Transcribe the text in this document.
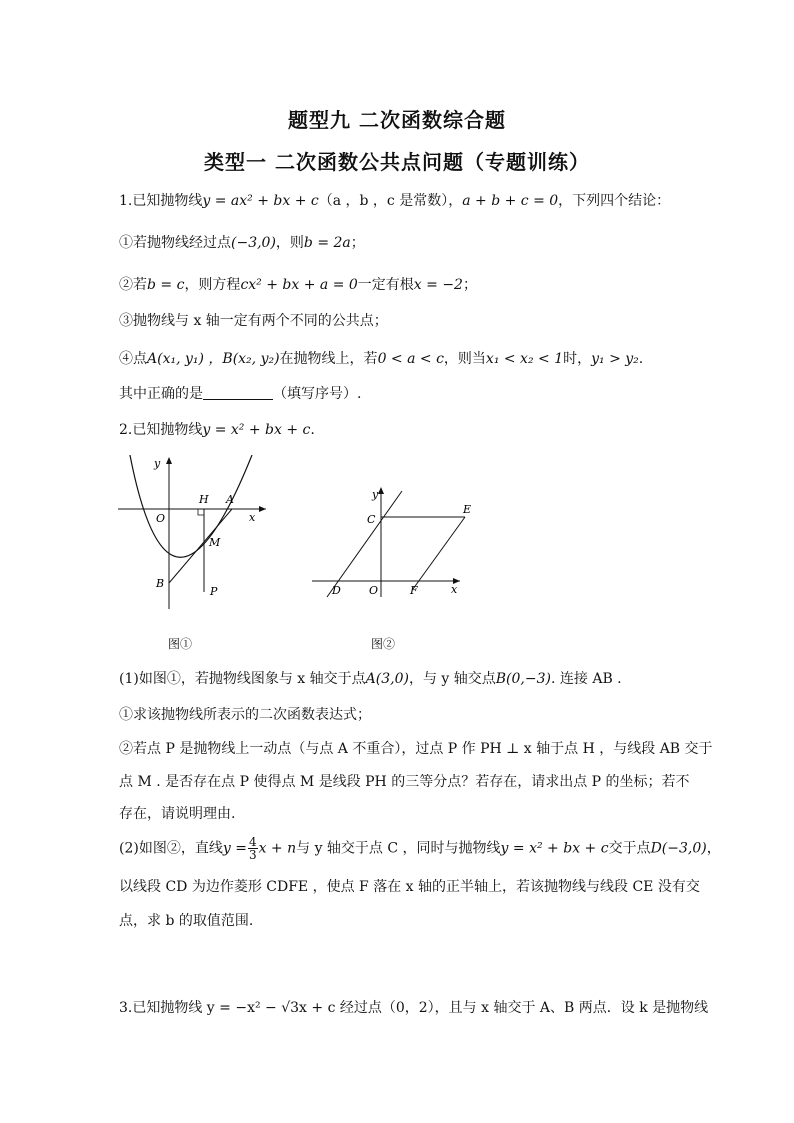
题型九 二次函数综合题
类型一 二次函数公共点问题（专题训练）
1.已知抛物线y = ax² + bx + c（a ，b ，c 是常数），a + b + c = 0，下列四个结论：
①若抛物线经过点(−3,0)，则b = 2a；
②若b = c，则方程cx² + bx + a = 0一定有根x = −2；
③抛物线与 x 轴一定有两个不同的公共点；
④点A(x₁, y₁) ，B(x₂, y₂)在抛物线上，若0 < a < c，则当x₁ < x₂ < 1时，y₁ > y₂.
其中正确的是	（填写序号）.
2.已知抛物线y = x² + bx + c.
y
x
O
H A
M
B
P
图①
y
x
C
E
D	O	F
图②
(1)如图①，若抛物线图象与 x 轴交于点A(3,0)，与 y 轴交点B(0,−3). 连接 AB .
①求该抛物线所表示的二次函数表达式；
②若点 P 是抛物线上一动点（与点 A 不重合），过点 P 作 PH ⊥ x 轴于点 H ，与线段 AB 交于
点 M . 是否存在点 P 使得点 M 是线段 PH 的三等分点？若存在，请求出点 P 的坐标；若不
存在，请说明理由.
(2)如图②，直线$y = \frac{4}{3}$ x + n与 y 轴交于点 C ，同时与抛物线y = x² + bx + c交于点D(−3,0)，
以线段 CD 为边作菱形 CDFE ，使点 F 落在 x 轴的正半轴上，若该抛物线与线段 CE 没有交
点，求 b 的取值范围.
3.已知抛物线 y = −x² − √3x + c 经过点（0，2），且与 x 轴交于 A、B 两点．设 k 是抛物线
